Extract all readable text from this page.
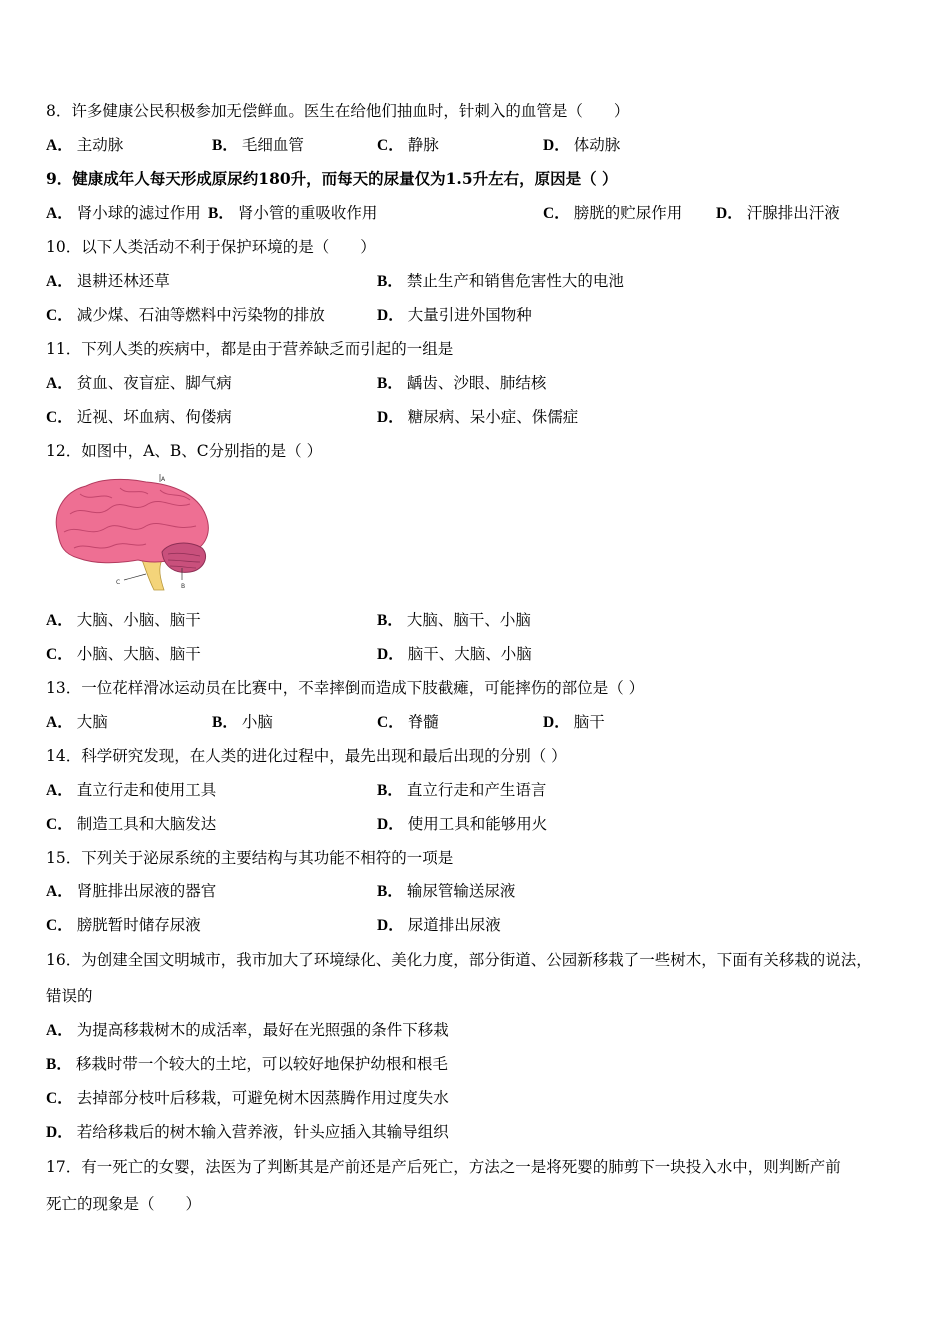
8．许多健康公民积极参加无偿鲜血。医生在给他们抽血时，针刺入的血管是（　　）
A． 主动脉	B． 毛细血管	C． 静脉	D． 体动脉
9．健康成年人每天形成原尿约180升，而每天的尿量仅为1.5升左右，原因是（ ）
A． 肾小球的滤过作用 B． 肾小管的重吸收作用	C． 膀胱的贮尿作用 D． 汗腺排出汗液
10．以下人类活动不利于保护环境的是（　　）
A． 退耕还林还草	B． 禁止生产和销售危害性大的电池
C． 减少煤、石油等燃料中污染物的排放	D． 大量引进外国物种
11．下列人类的疾病中，都是由于营养缺乏而引起的一组是
A． 贫血、夜盲症、脚气病	B． 龋齿、沙眼、肺结核
C． 近视、坏血病、佝偻病	D． 糖尿病、呆小症、侏儒症
12．如图中，A、B、C分别指的是（ ）
A
B
C
A． 大脑、小脑、脑干	B． 大脑、脑干、小脑
C． 小脑、大脑、脑干	D． 脑干、大脑、小脑
13．一位花样滑冰运动员在比赛中，不幸摔倒而造成下肢截瘫，可能摔伤的部位是（ ）
A． 大脑	B． 小脑	C． 脊髓	D． 脑干
14．科学研究发现，在人类的进化过程中，最先出现和最后出现的分别（ ）
A． 直立行走和使用工具	B． 直立行走和产生语言
C． 制造工具和大脑发达	D． 使用工具和能够用火
15．下列关于泌尿系统的主要结构与其功能不相符的一项是
A． 肾脏排出尿液的器官	B． 输尿管输送尿液
C． 膀胱暂时储存尿液	D． 尿道排出尿液
16．为创建全国文明城市，我市加大了环境绿化、美化力度，部分街道、公园新移栽了一些树木，下面有关移栽的说法，
错误的
A． 为提高移栽树木的成活率，最好在光照强的条件下移栽
B． 移栽时带一个较大的土坨，可以较好地保护幼根和根毛
C． 去掉部分枝叶后移栽，可避免树木因蒸腾作用过度失水
D． 若给移栽后的树木输入营养液，针头应插入其输导组织
17．有一死亡的女婴，法医为了判断其是产前还是产后死亡，方法之一是将死婴的肺剪下一块投入水中，则判断产前
死亡的现象是（　　）
